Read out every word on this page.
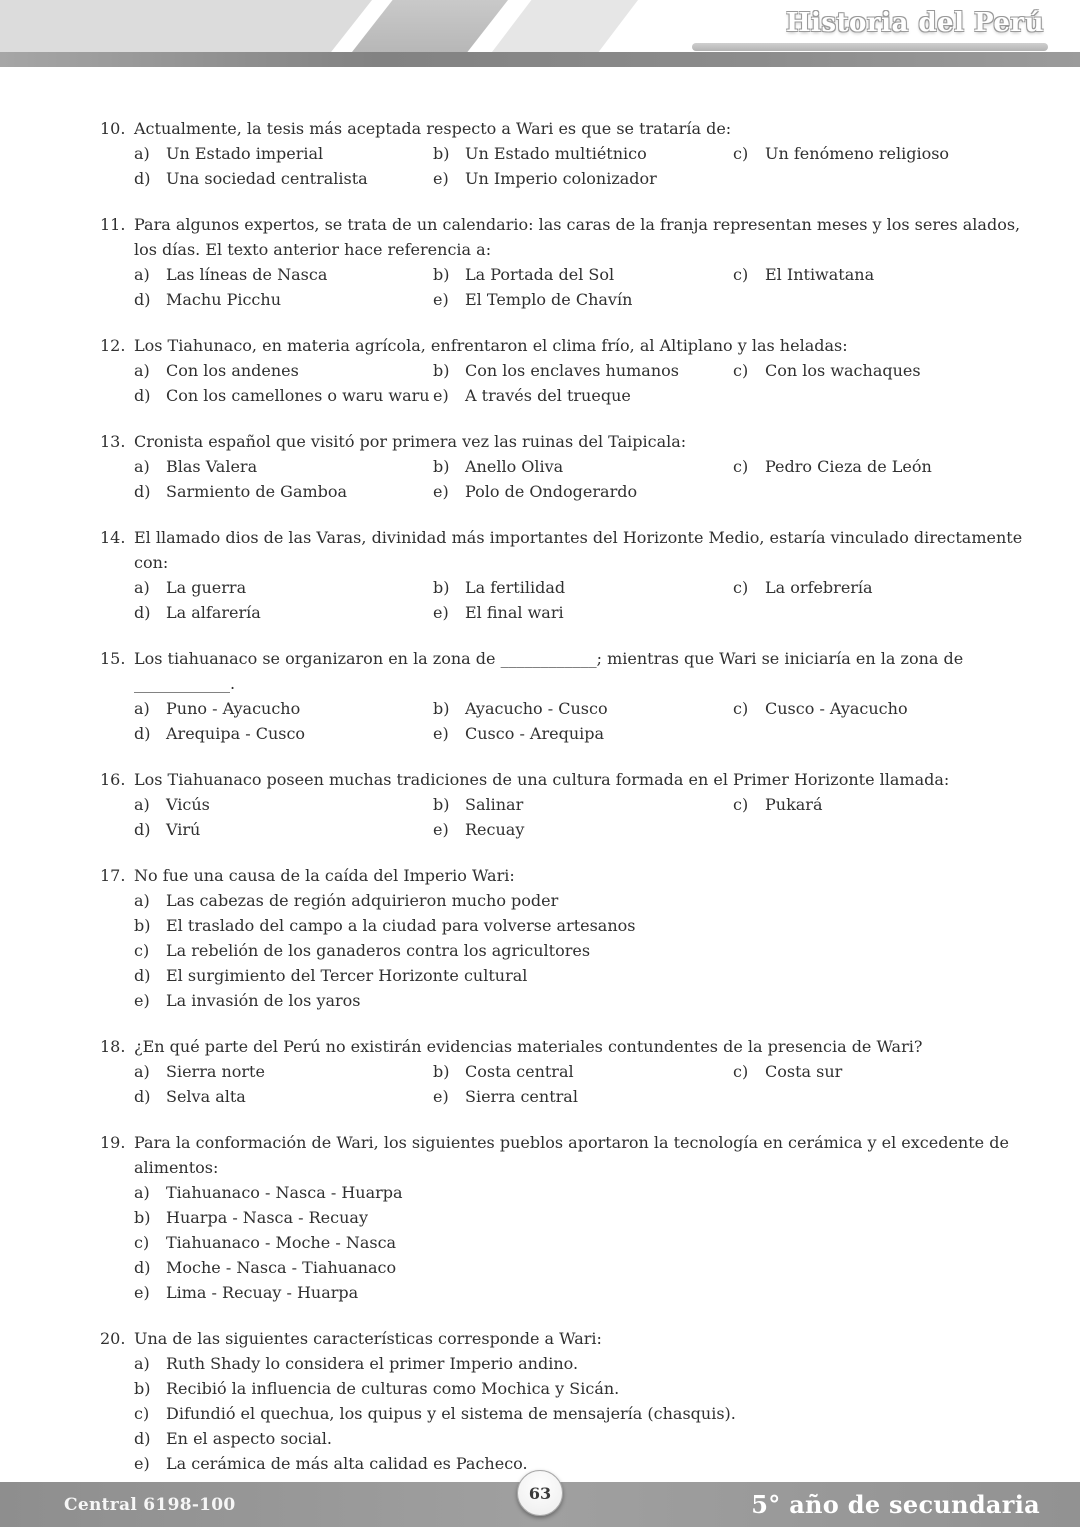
Historia del Perú
10. Actualmente, la tesis más aceptada respecto a Wari es que se trataría de:
a)	Un Estado imperial	b) Un Estado multiétnico	c)	Un fenómeno religioso
d) Una sociedad centralista	e)	Un Imperio colonizador
11. Para algunos expertos, se trata de un calendario: las caras de la franja representan meses y los seres alados, los días. El texto anterior hace referencia a:
a)	Las líneas de Nasca	b) La Portada del Sol	c)	El Intiwatana
d) Machu Picchu	e)	El Templo de Chavín
12. Los Tiahunaco, en materia agrícola, enfrentaron el clima frío, al Altiplano y las heladas:
a)	Con los andenes	b) Con los enclaves humanos	c)	Con los wachaques
d) Con los camellones o waru waru e)	A través del trueque
13. Cronista español que visitó por primera vez las ruinas del Taipicala:
a)	Blas Valera	b) Anello Oliva	c)	Pedro Cieza de León
d) Sarmiento de Gamboa	e)	Polo de Ondogerardo
14. El llamado dios de las Varas, divinidad más importantes del Horizonte Medio, estaría vinculado directamente con:
a)	La guerra	b) La fertilidad	c)	La orfebrería
d) La alfarería	e)	El final wari
15. Los tiahuanaco se organizaron en la zona de ____________; mientras que Wari se iniciaría en la zona de ____________.
a)	Puno - Ayacucho	b) Ayacucho - Cusco	c)	Cusco - Ayacucho
d) Arequipa - Cusco	e)	Cusco - Arequipa
16. Los Tiahuanaco poseen muchas tradiciones de una cultura formada en el Primer Horizonte llamada:
a)	Vicús	b) Salinar	c)	Pukará
d) Virú	e)	Recuay
17. No fue una causa de la caída del Imperio Wari:
a)	Las cabezas de región adquirieron mucho poder
b) El traslado del campo a la ciudad para volverse artesanos
c)	La rebelión de los ganaderos contra los agricultores
d) El surgimiento del Tercer Horizonte cultural
e)	La invasión de los yaros
18. ¿En qué parte del Perú no existirán evidencias materiales contundentes de la presencia de Wari?
a)	Sierra norte	b) Costa central	c)	Costa sur
d) Selva alta	e)	Sierra central
19. Para la conformación de Wari, los siguientes pueblos aportaron la tecnología en cerámica y el excedente de alimentos:
a)	Tiahuanaco - Nasca - Huarpa
b) Huarpa - Nasca - Recuay
c)	Tiahuanaco - Moche - Nasca
d) Moche - Nasca - Tiahuanaco
e)	Lima - Recuay - Huarpa
20. Una de las siguientes características corresponde a Wari:
a)	Ruth Shady lo considera el primer Imperio andino.
b) Recibió la influencia de culturas como Mochica y Sicán.
c)	Difundió el quechua, los quipus y el sistema de mensajería (chasquis).
d) En el aspecto social.
e)	La cerámica de más alta calidad es Pacheco.
Central 6198-100	5° año de secundaria
63
